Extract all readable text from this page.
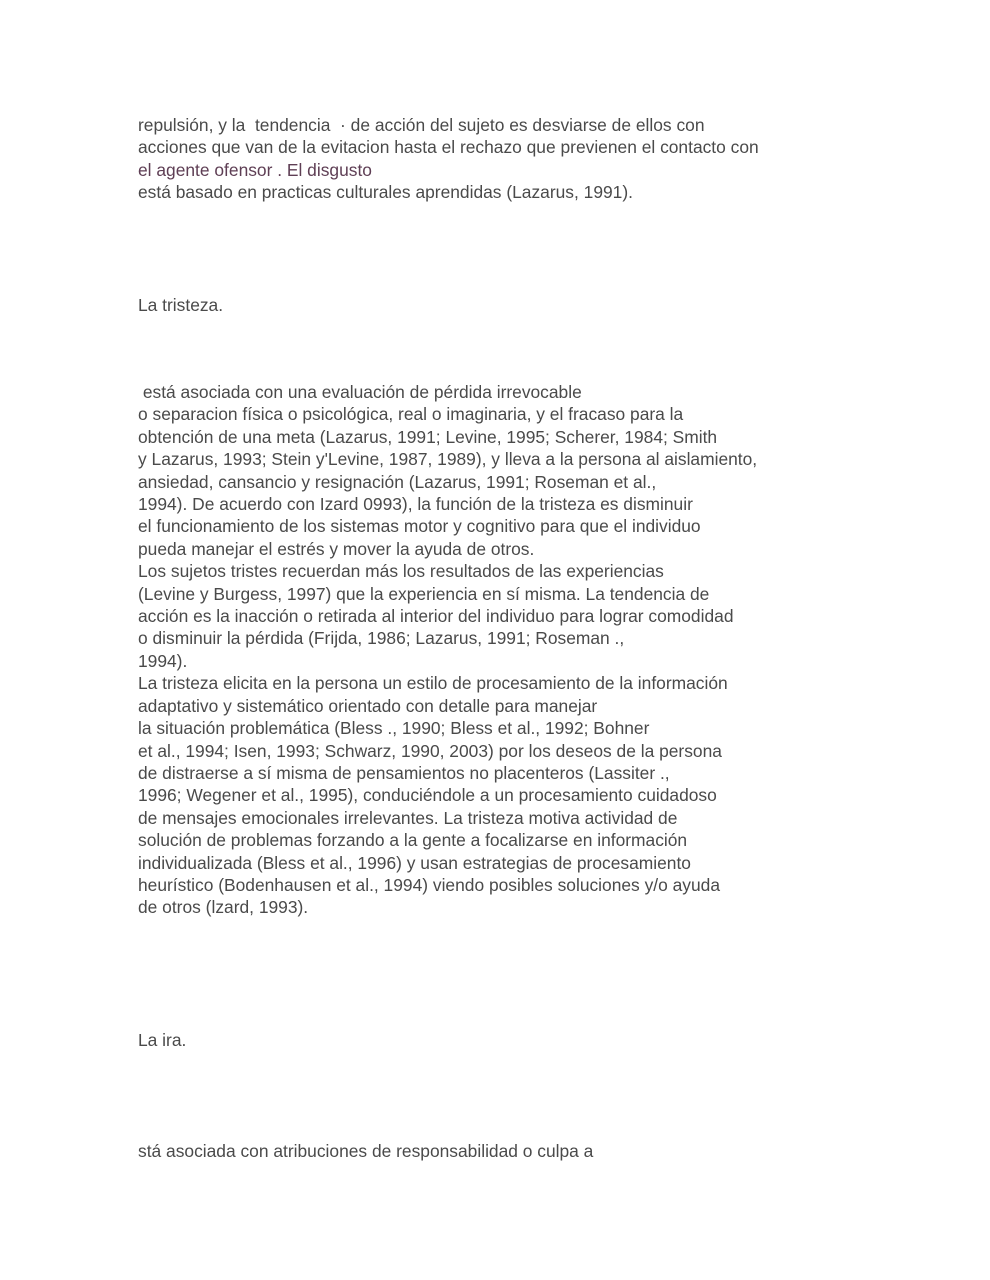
repulsión, y la  tendencia  · de acción del sujeto es desviarse de ellos con
acciones que van de la evitacion hasta el rechazo que previenen el contacto con
el agente ofensor . El disgusto
está basado en practicas culturales aprendidas (Lazarus, 1991).
La tristeza.
está asociada con una evaluación de pérdida irrevocable
o separacion física o psicológica, real o imaginaria, y el fracaso para la
obtención de una meta (Lazarus, 1991; Levine, 1995; Scherer, 1984; Smith
y Lazarus, 1993; Stein y'Levine, 1987, 1989), y lleva a la persona al aislamiento,
ansiedad, cansancio y resignación (Lazarus, 1991; Roseman et al.,
1994). De acuerdo con Izard 0993), la función de la tristeza es disminuir
el funcionamiento de los sistemas motor y cognitivo para que el individuo
pueda manejar el estrés y mover la ayuda de otros.
Los sujetos tristes recuerdan más los resultados de las experiencias
(Levine y Burgess, 1997) que la experiencia en sí misma. La tendencia de
acción es la inacción o retirada al interior del individuo para lograr comodidad
o disminuir la pérdida (Frijda, 1986; Lazarus, 1991; Roseman .,
1994).
La tristeza elicita en la persona un estilo de procesamiento de la información
adaptativo y sistemático orientado con detalle para manejar
la situación problemática (Bless ., 1990; Bless et al., 1992; Bohner
et al., 1994; Isen, 1993; Schwarz, 1990, 2003) por los deseos de la persona
de distraerse a sí misma de pensamientos no placenteros (Lassiter .,
1996; Wegener et al., 1995), conduciéndole a un procesamiento cuidadoso
de mensajes emocionales irrelevantes. La tristeza motiva actividad de
solución de problemas forzando a la gente a focalizarse en información
individualizada (Bless et al., 1996) y usan estrategias de procesamiento
heurístico (Bodenhausen et al., 1994) viendo posibles soluciones y/o ayuda
de otros (lzard, 1993).
La ira.
stá asociada con atribuciones de responsabilidad o culpa a
